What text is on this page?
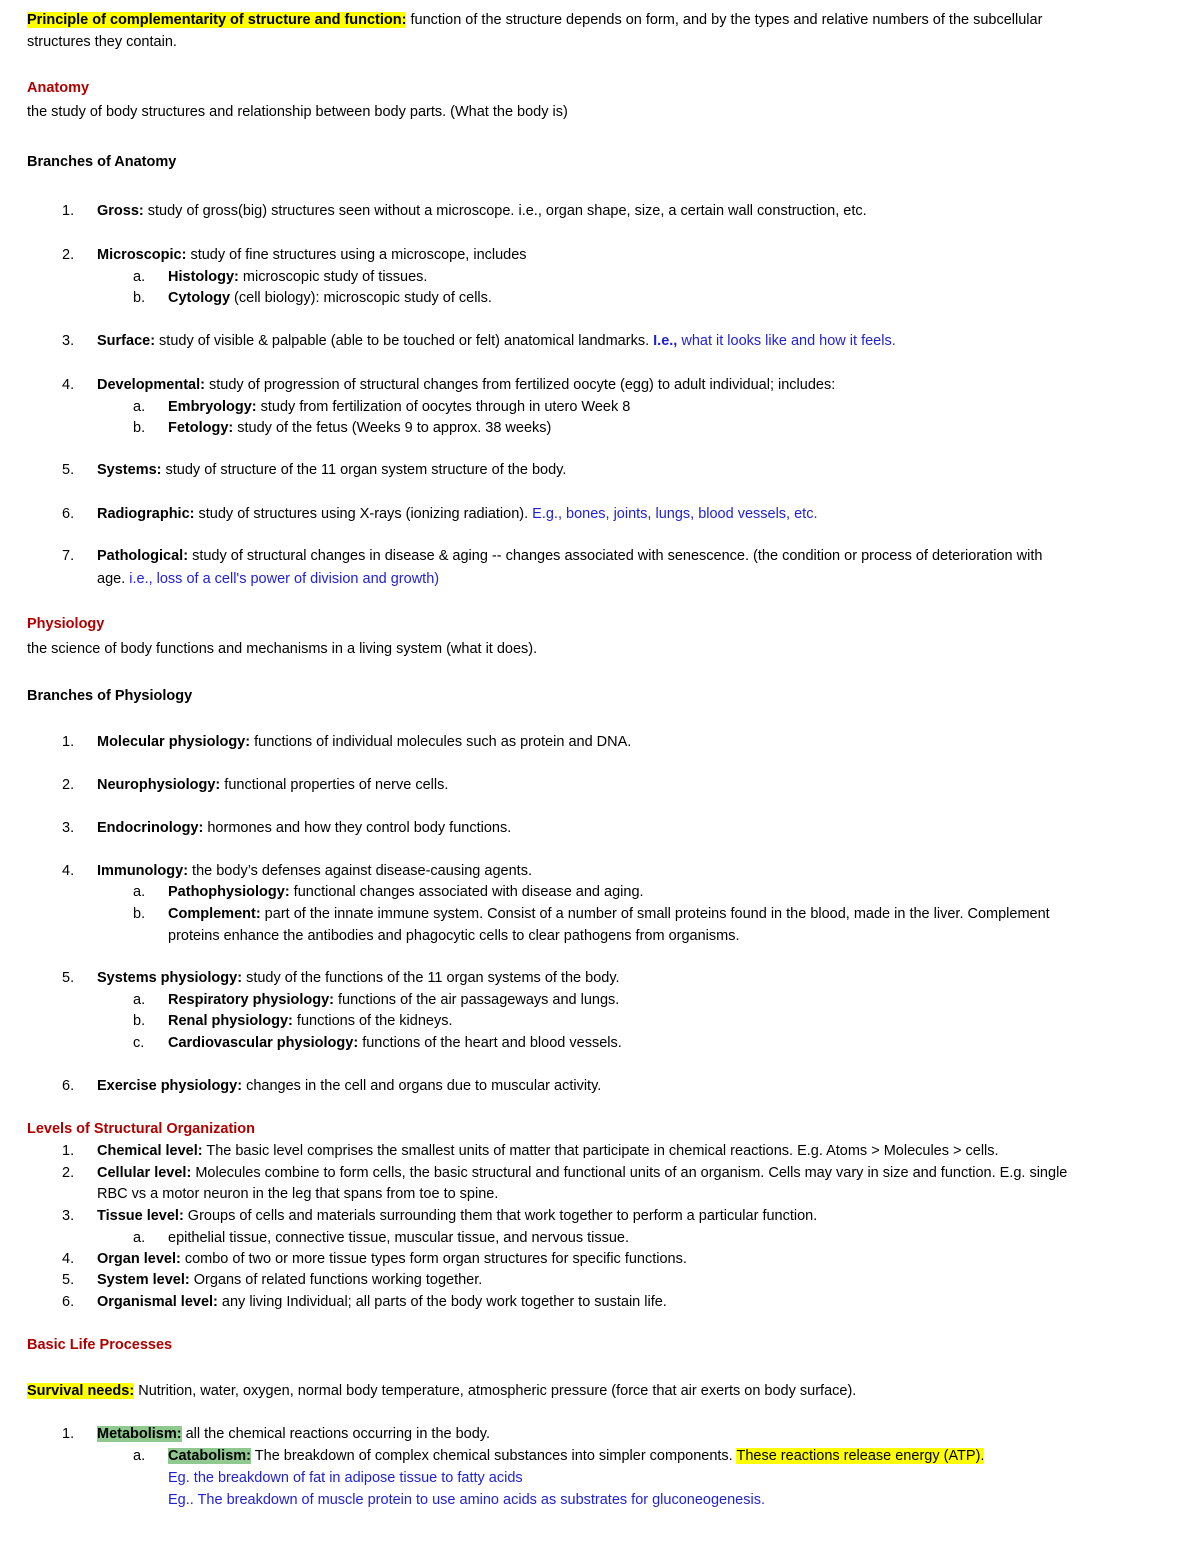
Principle of complementarity of structure and function: function of the structure depends on form, and by the types and relative numbers of the subcellular
structures they contain.
Anatomy
the study of body structures and relationship between body parts. (What the body is)
Branches of Anatomy
1. Gross: study of gross(big) structures seen without a microscope. i.e., organ shape, size, a certain wall construction, etc.
2. Microscopic: study of fine structures using a microscope, includes
a. Histology: microscopic study of tissues.
b. Cytology (cell biology): microscopic study of cells.
3. Surface: study of visible & palpable (able to be touched or felt) anatomical landmarks. I.e., what it looks like and how it feels.
4. Developmental: study of progression of structural changes from fertilized oocyte (egg) to adult individual; includes:
a. Embryology: study from fertilization of oocytes through in utero Week 8
b. Fetology: study of the fetus (Weeks 9 to approx. 38 weeks)
5. Systems: study of structure of the 11 organ system structure of the body.
6. Radiographic: study of structures using X-rays (ionizing radiation). E.g., bones, joints, lungs, blood vessels, etc.
7. Pathological: study of structural changes in disease & aging -- changes associated with senescence. (the condition or process of deterioration with
age. i.e., loss of a cell's power of division and growth)
Physiology
the science of body functions and mechanisms in a living system (what it does).
Branches of Physiology
1. Molecular physiology: functions of individual molecules such as protein and DNA.
2. Neurophysiology: functional properties of nerve cells.
3. Endocrinology: hormones and how they control body functions.
4. Immunology: the body’s defenses against disease-causing agents.
a. Pathophysiology: functional changes associated with disease and aging.
b. Complement: part of the innate immune system. Consist of a number of small proteins found in the blood, made in the liver. Complement
proteins enhance the antibodies and phagocytic cells to clear pathogens from organisms.
5. Systems physiology: study of the functions of the 11 organ systems of the body.
a. Respiratory physiology: functions of the air passageways and lungs.
b. Renal physiology: functions of the kidneys.
c. Cardiovascular physiology: functions of the heart and blood vessels.
6. Exercise physiology: changes in the cell and organs due to muscular activity.
Levels of Structural Organization
1. Chemical level: The basic level comprises the smallest units of matter that participate in chemical reactions. E.g. Atoms > Molecules > cells.
2. Cellular level: Molecules combine to form cells, the basic structural and functional units of an organism. Cells may vary in size and function. E.g. single
RBC vs a motor neuron in the leg that spans from toe to spine.
3. Tissue level: Groups of cells and materials surrounding them that work together to perform a particular function.
a. epithelial tissue, connective tissue, muscular tissue, and nervous tissue.
4. Organ level: combo of two or more tissue types form organ structures for specific functions.
5. System level: Organs of related functions working together.
6. Organismal level: any living Individual; all parts of the body work together to sustain life.
Basic Life Processes
Survival needs: Nutrition, water, oxygen, normal body temperature, atmospheric pressure (force that air exerts on body surface).
1. Metabolism: all the chemical reactions occurring in the body.
a. Catabolism: The breakdown of complex chemical substances into simpler components. These reactions release energy (ATP).
Eg. the breakdown of fat in adipose tissue to fatty acids
Eg.. The breakdown of muscle protein to use amino acids as substrates for gluconeogenesis.
